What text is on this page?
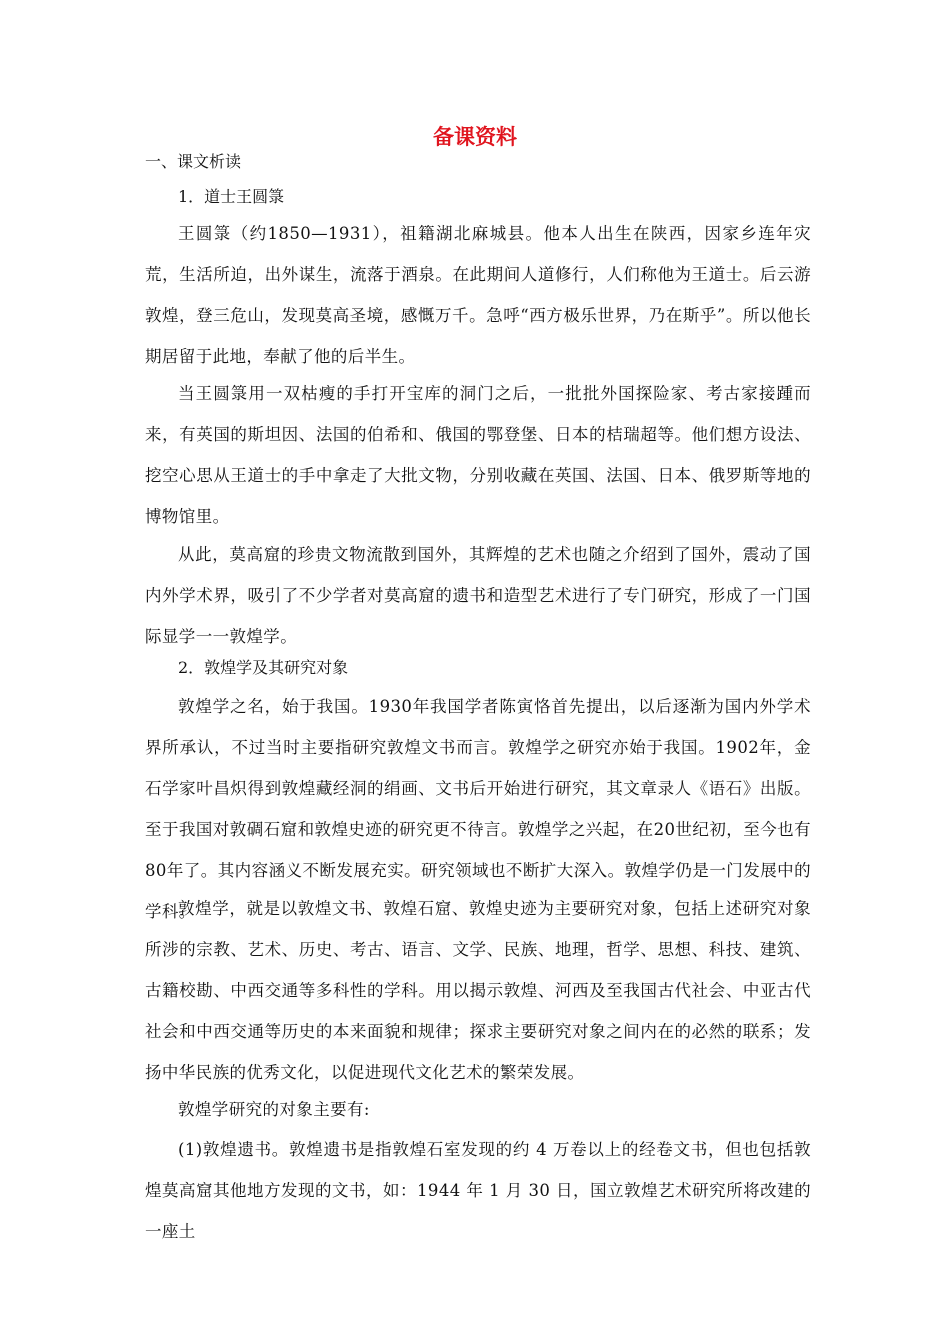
备课资料
一、课文析读
1．道士王圆箓

王圆箓（约1850—1931），祖籍湖北麻城县。他本人出生在陕西，因家乡连年灾荒，生活所迫，出外谋生，流落于酒泉。在此期间人道修行，人们称他为王道士。后云游敦煌，登三危山，发现莫高圣境，感慨万千。急呼“西方极乐世界，乃在斯乎”。所以他长期居留于此地，奉献了他的后半生。

当王圆箓用一双枯瘦的手打开宝库的洞门之后，一批批外国探险家、考古家接踵而来，有英国的斯坦因、法国的伯希和、俄国的鄂登堡、日本的桔瑞超等。他们想方设法、挖空心思从王道士的手中拿走了大批文物，分别收藏在英国、法国、日本、俄罗斯等地的博物馆里。

从此，莫高窟的珍贵文物流散到国外，其辉煌的艺术也随之介绍到了国外，震动了国内外学术界，吸引了不少学者对莫高窟的遗书和造型艺术进行了专门研究，形成了一门国际显学一一敦煌学。

2．敦煌学及其研究对象

敦煌学之名，始于我国。1930年我国学者陈寅恪首先提出，以后逐渐为国内外学术界所承认，不过当时主要指研究敦煌文书而言。敦煌学之研究亦始于我国。1902年，金石学家叶昌炽得到敦煌藏经洞的绢画、文书后开始进行研究，其文章录人《语石》出版。至于我国对敦碉石窟和敦煌史迹的研究更不待言。敦煌学之兴起，在20世纪初，至今也有80年了。其内容涵义不断发展充实。研究领域也不断扩大深入。敦煌学仍是一门发展中的学科。

敦煌学，就是以敦煌文书、敦煌石窟、敦煌史迹为主要研究对象，包括上述研究对象所涉的宗教、艺术、历史、考古、语言、文学、民族、地理，哲学、思想、科技、建筑、古籍校勘、中西交通等多科性的学科。用以揭示敦煌、河西及至我国古代社会、中亚古代社会和中西交通等历史的本来面貌和规律；探求主要研究对象之间内在的必然的联系；发扬中华民族的优秀文化，以促进现代文化艺术的繁荣发展。

敦煌学研究的对象主要有:

(1)敦煌遗书。敦煌遗书是指敦煌石室发现的约 4 万卷以上的经卷文书，但也包括敦煌莫高窟其他地方发现的文书，如：1944 年 1 月 30 日，国立敦煌艺术研究所将改建的一座土
